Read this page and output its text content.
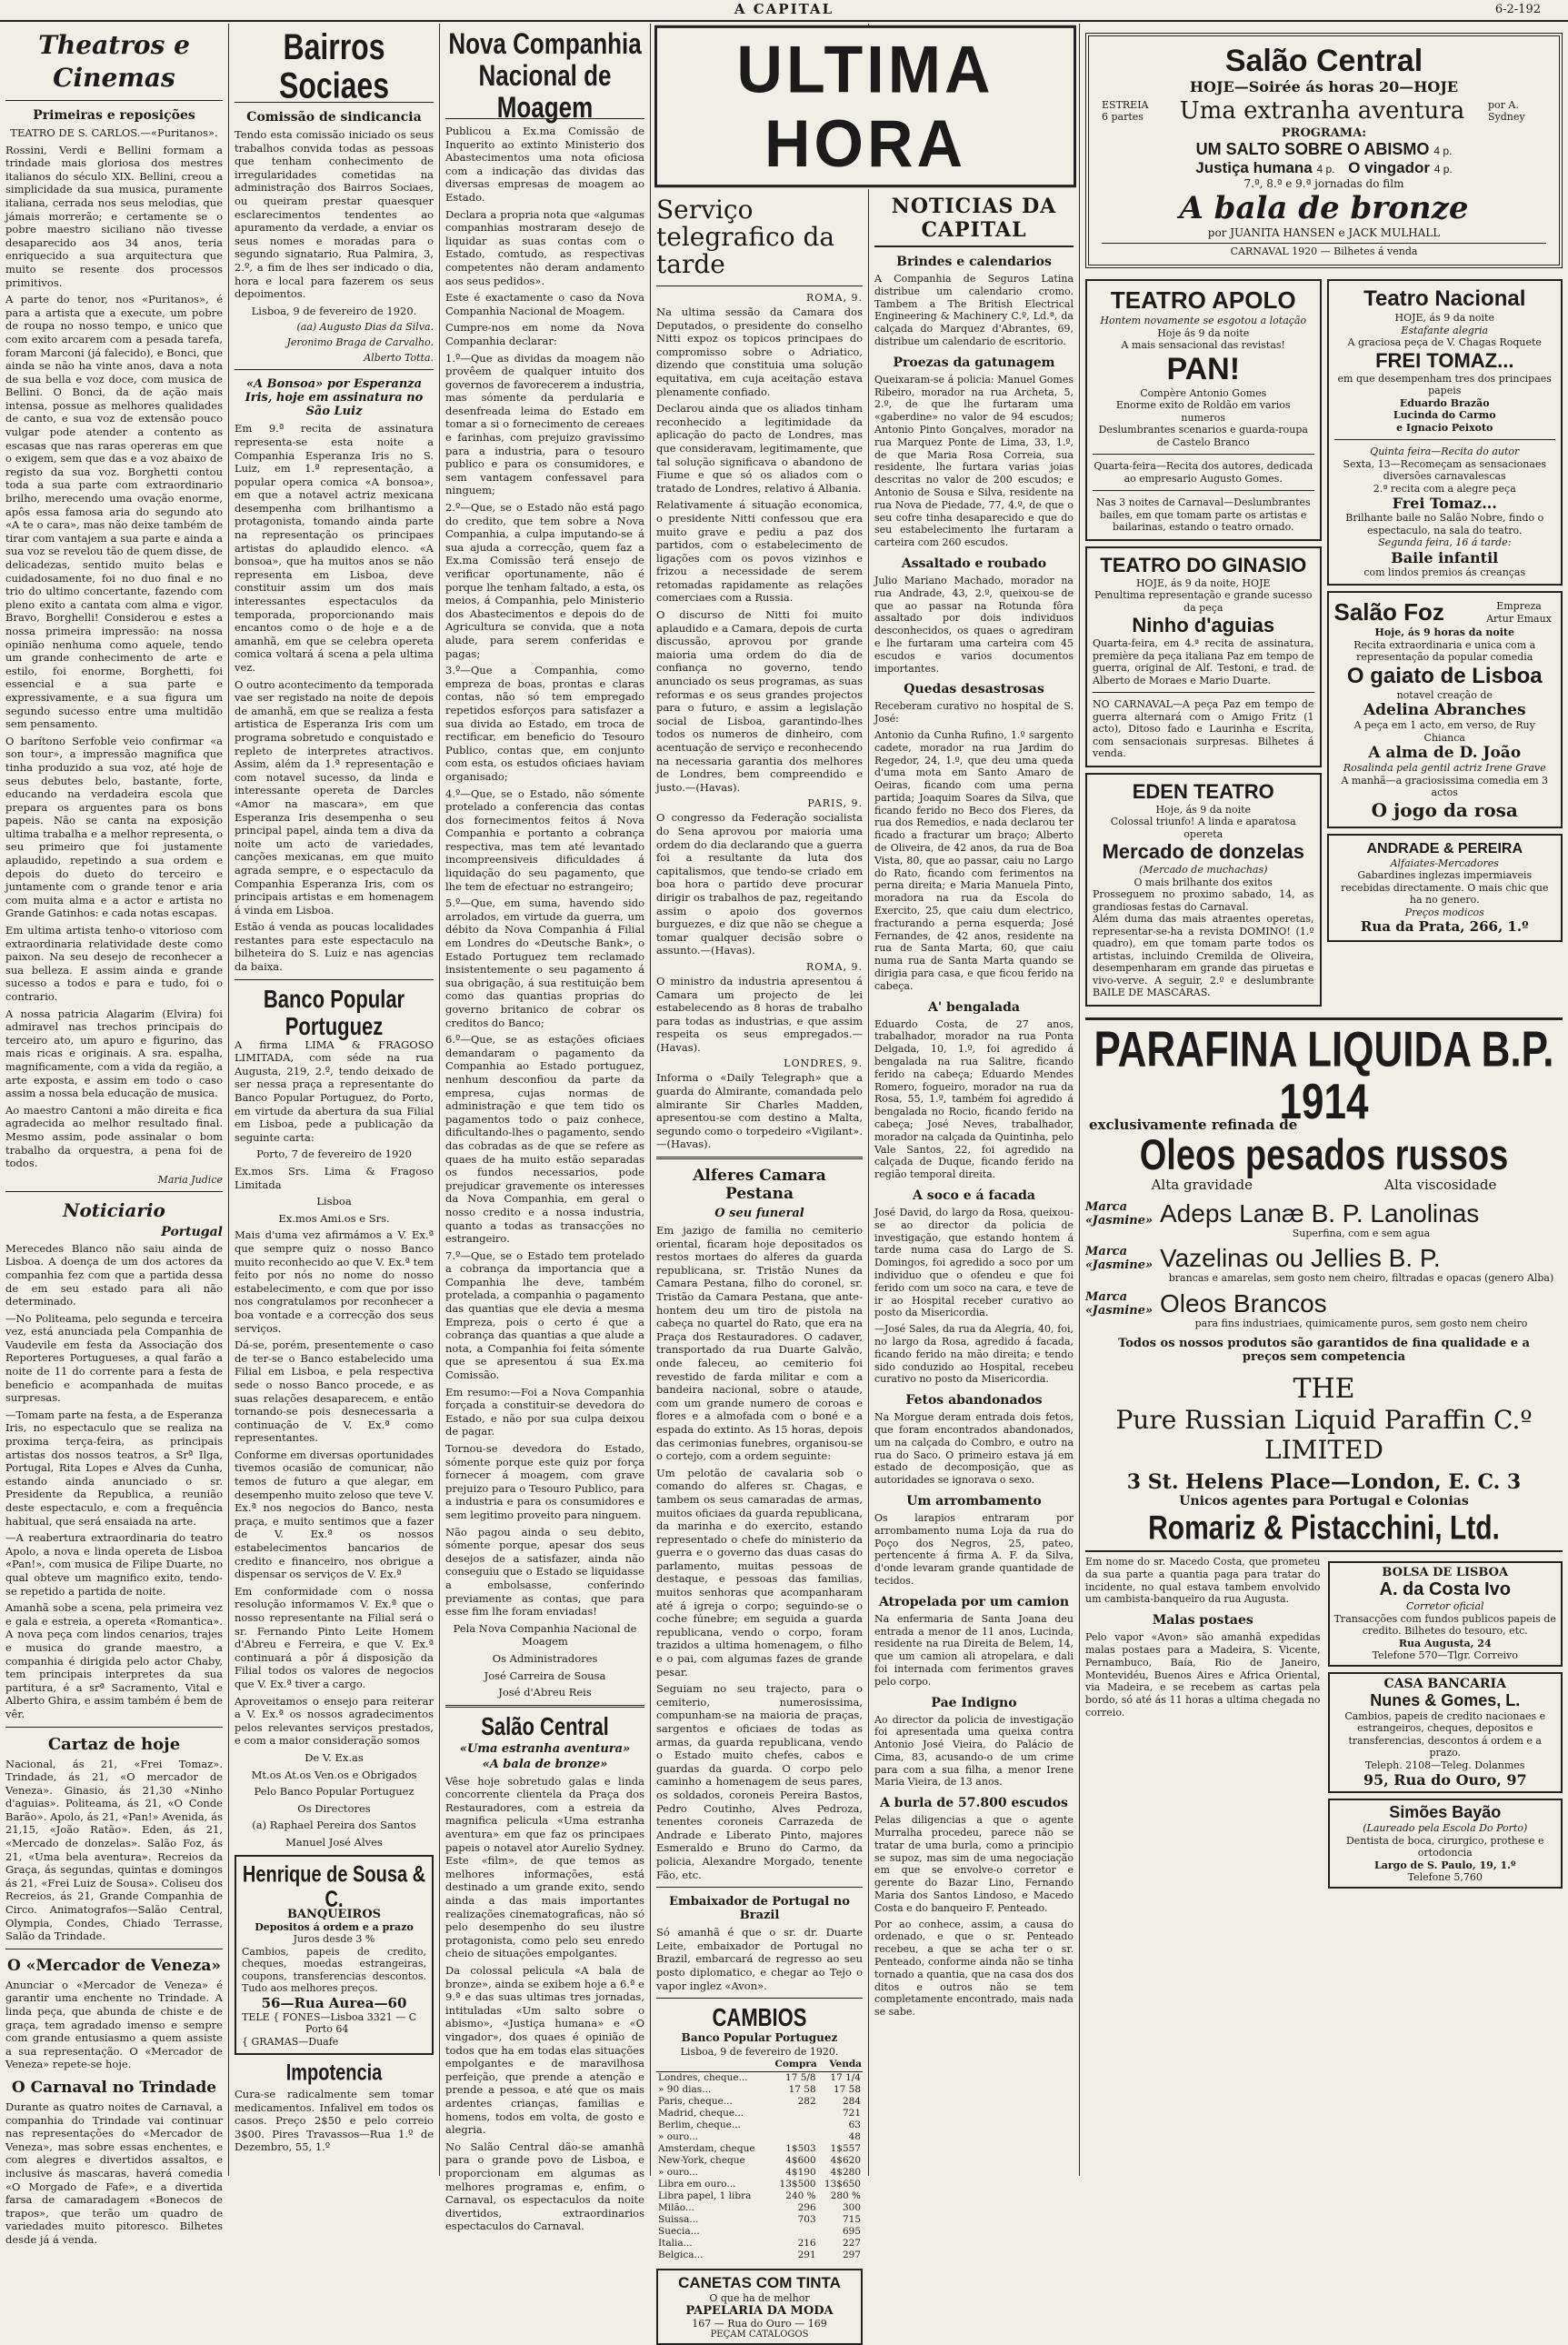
A CAPITAL	6-2-192
Theatros e Cinemas
Primeiras e reposições

TEATRO DE S. CARLOS.—«Puritanos».

Rossini, Verdi e Bellini formam a trindade mais gloriosa dos mestres italianos do século XIX. Bellini, creou a simplicidade da sua musica, puramente italiana, cerrada nos seus melodias, que jámais morrerão; e certamente se o pobre maestro siciliano não tivesse desaparecido aos 34 anos, teria enriquecido a sua arquitectura que muito se resente dos processos primitivos.

A parte do tenor, nos «Puritanos», é para a artista que a execute, um pobre de roupa no nosso tempo, e unico que com exito arcarem com a pesada tarefa, foram Marconi (já falecido), e Bonci, que ainda se não ha vinte anos, dava a nota de sua bella e voz doce, com musica de Bellini. O Bonci, da de ação mais intensa, possue as melhores qualidades de canto, e sua voz de extensão pouco vulgar pode atender a contento as escasas que nas raras opereras em que o exigem, sem que das e a voz abaixo de registo da sua voz. Borghetti contou toda a sua parte com extraordinario brilho, merecendo uma ovação enorme, apôs essa famosa aria do segundo ato «A te o cara», mas não deixe também de tirar com vantajem a sua parte e ainda a sua voz se revelou tão de quem disse, de delicadezas, sentido muito belas e cuidadosamente, foi no duo final e no trio do ultimo concertante, fazendo com pleno exito a cantata com alma e vigor. Bravo, Borghelli! Considerou e estes a nossa primeira impressão: na nossa opinião nenhuma como aquele, tendo um grande conhecimento de arte e estilo, foi enorme, Borghetti, foi essencial e a sua parte e expressivamente, e a sua figura um segundo sucesso entre uma multidão sem pensamento.

O barítono Serfoble veio confirmar «a son tour», a impressão magnifica que tinha produzido a sua voz, até hoje de seus debutes belo, bastante, forte, educando na verdadeira escola que prepara os arguentes para os bons papeis. Não se canta na exposição ultima trabalha e a melhor representa, o seu primeiro que foi justamente aplaudido, repetindo a sua ordem e depois do dueto do terceiro e juntamente com o grande tenor e aria com muita alma e a actor e artista no Grande Gatinhos: e cada notas escapas.

Em ultima artista tenho-o vitorioso com extraordinaria relatividade deste como paixon. Na seu desejo de reconhecer a sua belleza. E assim ainda e grande sucesso a todos e para e tudo, foi o contrario.

A nossa patricia Alagarim (Elvira) foi admiravel nas trechos principais do terceiro ato, um apuro e figurino, das mais ricas e originais. A sra. espalha, magnificamente, com a vida da região, a arte exposta, e assim em todo o caso assim a nossa bela educação de musica.

Ao maestro Cantoni a mão direita e fica agradecida ao melhor resultado final. Mesmo assim, pode assinalar o bom trabalho da orquestra, a pena foi de todos.

Maria Judice
Noticiario
Portugal

Merecedes Blanco não saiu ainda de Lisboa. A doença de um dos actores da companhia fez com que a partida dessa de em seu estado para ali não determinado.

—No Politeama, pelo segunda e terceira vez, está anunciada pela Companhia de Vaudevile em festa da Associação dos Reporteres Portugueses, a qual farão a noite de 11 do corrente para a festa de beneficio e acompanhada de muitas surpresas.

—Tomam parte na festa, a de Esperanza Iris, no espectaculo que se realiza na proxima terça-feira, as principais artistas dos nossos teatros, a Srª Ilga, Portugal, Rita Lopes e Alves da Cunha, estando ainda anunciado o sr. Presidente da Republica, a reunião deste espectaculo, e com a frequência habitual, que será ensaiada na arte.

—A reabertura extraordinaria do teatro Apolo, a nova e linda opereta de Lisboa «Pan!», com musica de Filipe Duarte, no qual obteve um magnifico exito, tendo-se repetido a partida de noite.

Amanhã sobe a scena, pela primeira vez e gala e estreia, a opereta «Romantica». A nova peça com lindos cenarios, trajes e musica do grande maestro, a companhia é dirigida pelo actor Chaby, tem principais interpretes da sua partitura, é a srª Sacramento, Vital e Alberto Ghira, e assim também é bem de vêr.

Cartaz de hoje

Nacional, ás 21, «Frei Tomaz». Trindade, ás 21, «O mercador de Veneza». Ginasio, ás 21,30 «Ninho d'aguias». Politeama, ás 21, «O Conde Barão». Apolo, ás 21, «Pan!» Avenida, ás 21,15, «João Ratão». Eden, ás 21, «Mercado de donzelas». Salão Foz, ás 21, «Uma bela aventura». Recreios da Graça, ás segundas, quintas e domingos ás 21, «Frei Luiz de Sousa». Coliseu dos Recreios, ás 21, Grande Companhia de Circo. Animatografos—Salão Central, Olympia, Condes, Chiado Terrasse, Salão da Trindade.

O «Mercador de Veneza»

Anunciar o «Mercador de Veneza» é garantir uma enchente no Trindade. A linda peça, que abunda de chiste e de graça, tem agradado imenso e sempre com grande entusiasmo a quem assiste a sua representação. O «Mercador de Veneza» repete-se hoje.

O Carnaval no Trindade

Durante as quatro noites de Carnaval, a companhia do Trindade vai continuar nas representações do «Mercador de Veneza», mas sobre essas enchentes, e com alegres e divertidos assaltos, e inclusive ás mascaras, haverá comedia «O Morgado de Fafe», e a divertida farsa de camaradagem «Bonecos de trapos», que terão um quadro de variedades muito pitoresco. Bilhetes desde já á venda.

Bairros Sociaes
Comissão de sindicancia

Tendo esta comissão iniciado os seus trabalhos convida todas as pessoas que tenham conhecimento de irregularidades cometidas na administração dos Bairros Sociaes, ou queiram prestar quaesquer esclarecimentos tendentes ao apuramento da verdade, a enviar os seus nomes e moradas para o segundo signatario, Rua Palmira, 3, 2.º, a fim de lhes ser indicado o dia, hora e local para fazerem os seus depoimentos.

Lisboa, 9 de fevereiro de 1920.

(aa) Augusto Dias da Silva.
Jeronimo Braga de Carvalho.
Alberto Totta.
«A Bonsoa» por Esperanza Iris, hoje em assinatura no São Luiz

Em 9.ª recita de assinatura representa-se esta noite a Companhia Esperanza Iris no S. Luiz, em 1.ª representação, a popular opera comica «A bonsoa», em que a notavel actriz mexicana desempenha com brilhantismo a protagonista, tomando ainda parte na representação os principaes artistas do aplaudido elenco. «A bonsoa», que ha muitos anos se não representa em Lisboa, deve constituir assim um dos mais interessantes espectaculos da temporada, proporcionando mais encantos como o de hoje e a de amanhã, em que se celebra opereta comica voltará á scena a pela ultima vez.

O outro acontecimento da temporada vae ser registado na noite de depois de amanhã, em que se realiza a festa artistica de Esperanza Iris com um programa sobretudo e conquistado e repleto de interpretes atractivos. Assim, além da 1.ª representação e com notavel sucesso, da linda e interessante opereta de Darcles «Amor na mascara», em que Esperanza Iris desempenha o seu principal papel, ainda tem a diva da noite um acto de variedades, canções mexicanas, em que muito agrada sempre, e o espectaculo da Companhia Esperanza Iris, com os principais artistas e em homenagem á vinda em Lisboa.

Estão á venda as poucas localidades restantes para este espectaculo na bilheteira do S. Luiz e nas agencias da baixa.

Banco Popular Portuguez

A firma LIMA & FRAGOSO LIMITADA, com séde na rua Augusta, 219, 2.º, tendo deixado de ser nessa praça a representante do Banco Popular Portuguez, do Porto, em virtude da abertura da sua Filial em Lisboa, pede a publicação da seguinte carta:

Porto, 7 de fevereiro de 1920

Ex.mos Srs. Lima & Fragoso Limitada

Lisboa

Ex.mos Ami.os e Srs.

Mais d'uma vez afirmámos a V. Ex.ª que sempre quiz o nosso Banco muito reconhecido ao que V. Ex.ª tem feito por nós no nome do nosso estabelecimento, e com que por isso nos congratulamos por reconhecer a boa vontade e a correcção dos seus serviços.

Dá-se, porém, presentemente o caso de ter-se o Banco estabelecido uma Filial em Lisboa, e pela respectiva sede o nosso Banco procede, e as suas relações desaparecem, e então tornando-se pois desnecessaria a continuação de V. Ex.ª como representantes.

Conforme em diversas oportunidades tivemos ocasião de comunicar, não temos de futuro a que alegar, em desempenho muito zeloso que teve V. Ex.ª nos negocios do Banco, nesta praça, e muito sentimos que a fazer de V. Ex.ª os nossos estabelecimentos bancarios de credito e financeiro, nos obrigue a dispensar os serviços de V. Ex.ª

Em conformidade com o nossa resolução informamos V. Ex.ª que o nosso representante na Filial será o sr. Fernando Pinto Leite Homem d'Abreu e Ferreira, e que V. Ex.ª continuará a pôr á disposição da Filial todos os valores de negocios que V. Ex.ª tiver a cargo.

Aproveitamos o ensejo para reiterar a V. Ex.ª os nossos agradecimentos pelos relevantes serviços prestados, e com a maior consideração somos

De V. Ex.as

Mt.os At.os Ven.os e Obrigados

Pelo Banco Popular Portuguez

Os Directores

(a) Raphael Pereira dos Santos

Manuel José Alves

Henrique de Sousa & C.
BANQUEIROS
Depositos á ordem e a prazo
Juros desde 3 %
Cambios, papeis de credito, cheques, moedas estrangeiras, coupons, transferencias descontos. Tudo aos melhores preços.
56—Rua Aurea—60
TELE { FONES—Lisboa 3321 — C
Porto 64
{ GRAMAS—Duafe
Impotencia

Cura-se radicalmente sem tomar medicamentos. Infalivel em todos os casos. Preço 2$50 e pelo correio 3$00. Pires Travassos—Rua 1.º de Dezembro, 55, 1.º

Nova Companhia Nacional de Moagem

Publicou a Ex.ma Comissão de Inquerito ao extinto Ministerio dos Abastecimentos uma nota oficiosa com a indicação das dividas das diversas empresas de moagem ao Estado.

Declara a propria nota que «algumas companhias mostraram desejo de liquidar as suas contas com o Estado, comtudo, as respectivas competentes não deram andamento aos seus pedidos».

Este é exactamente o caso da Nova Companhia Nacional de Moagem.

Cumpre-nos em nome da Nova Companhia declarar:

1.º—Que as dividas da moagem não provêem de qualquer intuito dos governos de favorecerem a industria, mas sómente da perdularia e desenfreada leima do Estado em tomar a si o fornecimento de cereaes e farinhas, com prejuizo gravissimo para a industria, para o tesouro publico e para os consumidores, e sem vantagem confessavel para ninguem;

2.º—Que, se o Estado não está pago do credito, que tem sobre a Nova Companhia, a culpa imputando-se á sua ajuda a correcção, quem faz a Ex.ma Comissão terá ensejo de verificar oportunamente, não é porque lhe tenham faltado, a esta, os meios, á Companhia, pelo Ministerio dos Abastecimentos e depois do de Agricultura se convida, que a nota alude, para serem conferidas e pagas;

3.º—Que a Companhia, como empreza de boas, prontas e claras contas, não só tem empregado repetidos esforços para satisfazer a sua divida ao Estado, em troca de rectificar, em beneficio do Tesouro Publico, contas que, em conjunto com esta, os estudos oficiaes haviam organisado;

4.º—Que, se o Estado, não sómente protelado a conferencia das contas dos fornecimentos feitos á Nova Companhia e portanto a cobrança respectiva, mas tem até levantado incompreensiveis dificuldades á liquidação do seu pagamento, que lhe tem de efectuar no estrangeiro;

5.º—Que, em suma, havendo sido arrolados, em virtude da guerra, um débito da Nova Companhia á Filial em Londres do «Deutsche Bank», o Estado Portuguez tem reclamado insistentemente o seu pagamento á sua obrigação, á sua restituição bem como das quantias proprias do governo britanico de cobrar os creditos do Banco;

6.º—Que, se as estações oficiaes demandaram o pagamento da Companhia ao Estado portuguez, nenhum desconfiou da parte da empresa, cujas normas de administração e que tem tido os pagamentos todo o paiz conhece, dificultando-lhes o pagamento, sendo das cobradas as de que se refere as quaes de ha muito estão separadas os fundos necessarios, pode prejudicar gravemente os interesses da Nova Companhia, em geral o nosso credito e a nossa industria, quanto a todas as transacções no estrangeiro.

7.º—Que, se o Estado tem protelado a cobrança da importancia que a Companhia lhe deve, também protelada, a companhia o pagamento das quantias que ele devia a mesma Empreza, pois o certo é que a cobrança das quantias a que alude a nota, a Companhia foi feita sómente que se apresentou á sua Ex.ma Comissão.

Em resumo:—Foi a Nova Companhia forçada a constituir-se devedora do Estado, e não por sua culpa deixou de pagar.

Tornou-se devedora do Estado, sómente porque este quiz por força fornecer á moagem, com grave prejuizo para o Tesouro Publico, para a industria e para os consumidores e sem legitimo proveito para ninguem.

Não pagou ainda o seu debito, sómente porque, apesar dos seus desejos de a satisfazer, ainda não conseguiu que o Estado se liquidasse a embolsasse, conferindo previamente as contas, que para esse fim lhe foram enviadas!

Pela Nova Companhia Nacional de Moagem

Os Administradores

José Carreira de Sousa

José d'Abreu Reis

Salão Central
«Uma estranha aventura»
«A bala de bronze»

Vêse hoje sobretudo galas e linda concorrente clientela da Praça dos Restauradores, com a estreia da magnifica pelicula «Uma estranha aventura» em que faz os principaes papeis o notavel ator Aurelio Sydney. Este «film», de que temos as melhores informações, está destinado a um grande exito, sendo ainda a das mais importantes realizações cinematograficas, não só pelo desempenho do seu ilustre protagonista, como pelo seu enredo cheio de situações empolgantes.

Da colossal pelicula «A bala de bronze», ainda se exibem hoje a 6.ª e 9.ª e das suas ultimas tres jornadas, intituladas «Um salto sobre o abismo», «Justiça humana» e «O vingador», dos quaes é opinião de todos que ha em todas elas situações empolgantes e de maravilhosa perfeição, que prende a atenção e prende a pessoa, e até que os mais ardentes crianças, familias e homens, todos em volta, de gosto e alegria.

No Salão Central dão-se amanhã para o grande povo de Lisboa, e proporcionam em algumas as melhores programas e, enfim, o Carnaval, os espectaculos da noite divertidos, extraordinarios espectaculos do Carnaval.

Serviço telegrafico da tarde
ROMA, 9.

Na ultima sessão da Camara dos Deputados, o presidente do conselho Nitti expoz os topicos principaes do compromisso sobre o Adriatico, dizendo que constituia uma solução equitativa, em cuja aceitação estava plenamente confiado.

Declarou ainda que os aliados tinham reconhecido a legitimidade da aplicação do pacto de Londres, mas que consideravam, legitimamente, que tal solução significava o abandono de Fiume e que só os aliados com o tratado de Londres, relativo á Albania.

Relativamente á situação economica, o presidente Nitti confessou que era muito grave e pediu a paz dos partidos, com o estabelecimento de ligações com os povos vizinhos e frizou a necessidade de serem retomadas rapidamente as relações comerciaes com a Russia.

O discurso de Nitti foi muito aplaudido e a Camara, depois de curta discussão, aprovou por grande maioria uma ordem do dia de confiança no governo, tendo anunciado os seus programas, as suas reformas e os seus grandes projectos para o futuro, e assim a legislação social de Lisboa, garantindo-lhes todos os numeros de dinheiro, com acentuação de serviço e reconhecendo na necessaria garantia dos melhores de Londres, bem compreendido e justo.—(Havas).

PARIS, 9.

O congresso da Federação socialista do Sena aprovou por maioria uma ordem do dia declarando que a guerra foi a resultante da luta dos capitalismos, que tendo-se criado em boa hora o partido deve procurar dirigir os trabalhos de paz, regeitando assim o apoio dos governos burguezes, e diz que não se chegue a tomar qualquer decisão sobre o assunto.—(Havas).

ROMA, 9.

O ministro da industria apresentou á Camara um projecto de lei estabelecendo as 8 horas de trabalho para todas as industrias, e que assim respeita os seus empregados.—(Havas).

LONDRES, 9.

Informa o «Daily Telegraph» que a guarda do Almirante, comandada pelo almirante Sir Charles Madden, apresentou-se com destino a Malta, segundo como o torpedeiro «Vigilant».—(Havas).

Alferes Camara Pestana
O seu funeral

Em jazigo de familia no cemiterio oriental, ficaram hoje depositados os restos mortaes do alferes da guarda republicana, sr. Tristão Nunes da Camara Pestana, filho do coronel, sr. Tristão da Camara Pestana, que ante-hontem deu um tiro de pistola na cabeça no quartel do Rato, que era na Praça dos Restauradores. O cadaver, transportado da rua Duarte Galvão, onde faleceu, ao cemiterio foi revestido de farda militar e com a bandeira nacional, sobre o ataude, com um grande numero de coroas e flores e a almofada com o boné e a espada do extinto. As 15 horas, depois das cerimonias funebres, organisou-se o cortejo, com a ordem seguinte:

Um pelotão de cavalaria sob o comando do alferes sr. Chagas, e tambem os seus camaradas de armas, muitos oficiaes da guarda republicana, da marinha e do exercito, estando representado o chefe do ministerio da guerra e o governo das duas casas do parlamento, muitas pessoas de destaque, e pessoas das familias, muitos senhoras que acompanharam até á igreja o corpo; seguindo-se o coche fúnebre; em seguida a guarda republicana, vendo o corpo, foram trazidos a ultima homenagem, o filho e o pai, com algumas fazes de grande pesar.

Seguiam no seu trajecto, para o cemiterio, numerosissima, compunham-se na maioria de praças, sargentos e oficiaes de todas as armas, da guarda republicana, vendo o Estado muito chefes, cabos e guardas da guarda. O corpo pelo caminho a homenagem de seus pares, os soldados, coroneis Pereira Bastos, Pedro Coutinho, Alves Pedroza, tenentes coroneis Carrazeda de Andrade e Liberato Pinto, majores Esmeraldo e Bruno do Carmo, da policia, Alexandre Morgado, tenente Fão, etc.

Embaixador de Portugal no Brazil

Só amanhã é que o sr. dr. Duarte Leite, embaixador de Portugal no Brazil, embarcará de regresso ao seu posto diplomatico, e chegar ao Tejo o vapor inglez «Avon».

CAMBIOS
Banco Popular Portuguez
Lisboa, 9 de fevereiro de 1920.
	Compra	Venda
Londres, cheque...	17 5/8	17 1/4
» 90 dias...	17 58	17 58
Paris, cheque...	282	284
Madrid, cheque...		721
Berlim, cheque...		63
» ouro...		48
Amsterdam, cheque	1$503	1$557
New-York, cheque	4$600	4$620
» ouro...	4$190	4$280
Libra em ouro...	13$500	13$650
Libra papel, 1 libra	240 %	280 %
Milão...	296	300
Suissa...	703	715
Suecia...		695
Italia...	216	227
Belgica...	291	297
CANETAS COM TINTA
O que ha de melhor
PAPELARIA DA MODA
167 — Rua do Ouro — 169
PEÇAM CATALOGOS
NOTICIAS DA CAPITAL
Brindes e calendarios

A Companhia de Seguros Latina distribue um calendario cromo. Tambem a The British Electrical Engineering & Machinery C.º, Ld.ª, da calçada do Marquez d'Abrantes, 69, distribue um calendario de escritorio.

Proezas da gatunagem

Queixaram-se á policia: Manuel Gomes Ribeiro, morador na rua Archeta, 5, 2.º, de que lhe furtaram uma «gaberdine» no valor de 94 escudos; Antonio Pinto Gonçalves, morador na rua Marquez Ponte de Lima, 33, 1.º, de que Maria Rosa Correia, sua residente, lhe furtara varias joias descritas no valor de 200 escudos; e Antonio de Sousa e Silva, residente na rua Nova de Piedade, 77, 4.º, de que o seu cofre tinha desaparecido e que do seu estabelecimento lhe furtaram a carteira com 260 escudos.

Assaltado e roubado

Julio Mariano Machado, morador na rua Andrade, 43, 2.º, queixou-se de que ao passar na Rotunda fôra assaltado por dois individuos desconhecidos, os quaes o agrediram e lhe furtaram uma carteira com 45 escudos e varios documentos importantes.

Quedas desastrosas

Receberam curativo no hospital de S. José:

Antonio da Cunha Rufino, 1.º sargento cadete, morador na rua Jardim do Regedor, 24, 1.º, que deu uma queda d'uma mota em Santo Amaro de Oeiras, ficando com uma perna partida; Joaquim Soares da Silva, que ficando ferido no Beco dos Fieres, da rua dos Remedios, e nada declarou ter ficado a fracturar um braço; Alberto de Oliveira, de 42 anos, da rua de Boa Vista, 80, que ao passar, caiu no Largo do Rato, ficando com ferimentos na perna direita; e Maria Manuela Pinto, moradora na rua da Escola do Exercito, 25, que caiu dum electrico, fracturando a perna esquerda; José Fernandes, de 42 anos, residente na rua de Santa Marta, 60, que caiu numa rua de Santa Marta quando se dirigia para casa, e que ficou ferido na cabeça.

A' bengalada

Eduardo Costa, de 27 anos, trabalhador, morador na rua Ponta Delgada, 10, 1.º, foi agredido á bengalada na rua Salitre, ficando ferido na cabeça; Eduardo Mendes Romero, fogueiro, morador na rua da Rosa, 55, 1.º, também foi agredido á bengalada no Rocio, ficando ferido na cabeça; José Neves, trabalhador, morador na calçada da Quintinha, pelo Vale Santos, 22, foi agredido na calçada de Duque, ficando ferido na região temporal direita.

A soco e á facada

José David, do largo da Rosa, queixou-se ao director da policia de investigação, que estando hontem á tarde numa casa do Largo de S. Domingos, foi agredido a soco por um individuo que o ofendeu e que foi ferido com um soco na cara, e teve de ir ao Hospital receber curativo ao posto da Misericordia.

—José Sales, da rua da Alegria, 40, foi, no largo da Rosa, agredido á facada, ficando ferido na mão direita; e tendo sido conduzido ao Hospital, recebeu curativo no posto da Misericordia.

Fetos abandonados

Na Morgue deram entrada dois fetos, que foram encontrados abandonados, um na calçada do Combro, e outro na rua do Saco. O primeiro estava já em estado de decomposição, que as autoridades se ignorava o sexo.

Um arrombamento

Os larapios entraram por arrombamento numa Loja da rua do Poço dos Negros, 25, pateo, pertencente á firma A. F. da Silva, d'onde levaram grande quantidade de tecidos.

Atropelada por um camion

Na enfermaria de Santa Joana deu entrada a menor de 11 anos, Lucinda, residente na rua Direita de Belem, 14, que um camion ali atropelara, e dali foi internada com ferimentos graves pelo corpo.

Pae Indigno

Ao director da policia de investigação foi apresentada uma queixa contra Antonio José Vieira, do Palácio de Cima, 83, acusando-o de um crime para com a sua filha, a menor Irene Maria Vieira, de 13 anos.

A burla de 57.800 escudos

Pelas diligencias a que o agente Murralha procedeu, parece não se tratar de uma burla, como a principio se supoz, mas sim de uma negociação em que se envolve-o corretor e gerente do Bazar Lino, Fernando Maria dos Santos Lindoso, e Macedo Costa e do banqueiro F. Penteado.

Por ao conhece, assim, a causa do ordenado, e que o sr. Penteado recebeu, a que se acha ter o sr. Penteado, conforme ainda não se tinha tornado a quantia, que na casa dos dos ditos e outros não se tem completamente encontrado, mais nada se sabe.

ULTIMA HORA
Salão Central
HOJE—Soirée ás horas 20—HOJE
ESTREIA 6 partes	Uma extranha aventura	por A. Sydney
PROGRAMA:
UM SALTO SOBRE O ABISMO 4 p.
Justiça humana 4 p. O vingador 4 p.
7.ª, 8.ª e 9.ª jornadas do film
A bala de bronze
por JUANITA HANSEN e JACK MULHALL
CARNAVAL 1920 — Bilhetes á venda
TEATRO APOLO
Hontem novamente se esgotou a lotação
Hoje ás 9 da noite
A mais sensacional das revistas!
PAN!
Compère Antonio Gomes
Enorme exito de Roldão em varios numeros
Deslumbrantes scenarios e guarda-roupa de Castelo Branco
Quarta-feira—Recita dos autores, dedicada ao empresario Augusto Gomes.
Nas 3 noites de Carnaval—Deslumbrantes bailes, em que tomam parte os artistas e bailarinas, estando o teatro ornado.
TEATRO DO GINASIO
HOJE, ás 9 da noite, HOJE
Penultima representação e grande sucesso da peça
Ninho d'aguias
Quarta-feira, em 4.ª recita de assinatura, première da peça italiana Paz em tempo de guerra, original de Alf. Testoni, e trad. de Alberto de Moraes e Mario Duarte.
NO CARNAVAL—A peça Paz em tempo de guerra alternará com o Amigo Fritz (1 acto), Ditoso fado e Laurinha e Escrita, com sensacionais surpresas. Bilhetes á venda.
EDEN TEATRO
Hoje, ás 9 da noite
Colossal triunfo! A linda e aparatosa opereta
Mercado de donzelas
(Mercado de muchachas)
O mais brilhante dos exitos
Prosseguem no proximo sabado, 14, as grandiosas festas do Carnaval.
Além duma das mais atraentes operetas, representar-se-ha a revista DOMINO! (1.º quadro), em que tomam parte todos os artistas, incluindo Cremilda de Oliveira, desempenharam em grande das piruetas e vivo-verve. A seguir, 2.º e deslumbrante BAILE DE MASCARAS.
Teatro Nacional
HOJE, ás 9 da noite
Estafante alegria
A graciosa peça de V. Chagas Roquete
FREI TOMAZ...
em que desempenham tres dos principaes papeis
Eduardo Brazão
Lucinda do Carmo
e Ignacio Peixoto
Quinta feira—Recita do autor
Sexta, 13—Recomeçam as sensacionaes diversões carnavalescas
2.ª recita com a alegre peça
Frei Tomaz...
Brilhante baile no Salão Nobre, findo o espectaculo, na sala do teatro.
Segunda feira, 16 á tarde:
Baile infantil
com lindos premios ás creanças
Salão Foz	Empreza Artur Emaux
Hoje, ás 9 horas da noite
Recita extraordinaria e unica com a representação da popular comedia
O gaiato de Lisboa
notavel creação de
Adelina Abranches
A peça em 1 acto, em verso, de Ruy Chianca
A alma de D. João
Rosalinda pela gentil actriz Irene Grave
A manhã—a graciosissima comedia em 3 actos
O jogo da rosa
ANDRADE & PEREIRA
Alfaiates-Mercadores
Gabardines inglezas impermiaveis recebidas directamente. O mais chic que ha no genero.
Preços modicos
Rua da Prata, 266, 1.º
PARAFINA LIQUIDA B.P. 1914
exclusivamente refinada de
Oleos pesados russos
Alta gravidade	Alta viscosidade
Marca «Jasmine» Adeps Lanæ B. P. Lanolinas
Superfina, com e sem agua
Marca «Jasmine» Vazelinas ou Jellies B. P.
brancas e amarelas, sem gosto nem cheiro, filtradas e opacas (genero Alba)
Marca «Jasmine» Oleos Brancos
para fins industriaes, quimicamente puros, sem gosto nem cheiro
Todos os nossos produtos são garantidos de fina qualidade e a preços sem competencia
THE
Pure Russian Liquid Paraffin C.º
LIMITED
3 St. Helens Place—London, E. C. 3
Unicos agentes para Portugal e Colonias
Romariz & Pistacchini, Ltd.

Em nome do sr. Macedo Costa, que prometeu da sua parte a quantia paga para tratar do incidente, no qual estava tambem envolvido um cambista-banqueiro da rua Augusta.

Malas postaes

Pelo vapor «Avon» são amanhã expedidas malas postaes para a Madeira, S. Vicente, Pernambuco, Baía, Rio de Janeiro, Montevidéu, Buenos Aires e Africa Oriental, via Madeira, e se recebem as cartas pela bordo, só até ás 11 horas a ultima chegada no correio.

BOLSA DE LISBOA
A. da Costa Ivo
Corretor oficial
Transacções com fundos publicos papeis de credito. Bilhetes do tesouro, etc.
Rua Augusta, 24
Telefone 570—Tlgr. Correivo
CASA BANCARIA
Nunes & Gomes, L.
Cambios, papeis de credito nacionaes e estrangeiros, cheques, depositos e transferencias, descontos á ordem e a prazo.
Teleph. 2108—Teleg. Dolanmes
95, Rua do Ouro, 97
Simões Bayão
(Laureado pela Escola Do Porto)
Dentista de boca, cirurgico, prothese e ortodoncia
Largo de S. Paulo, 19, 1.º
Telefone 5,760
